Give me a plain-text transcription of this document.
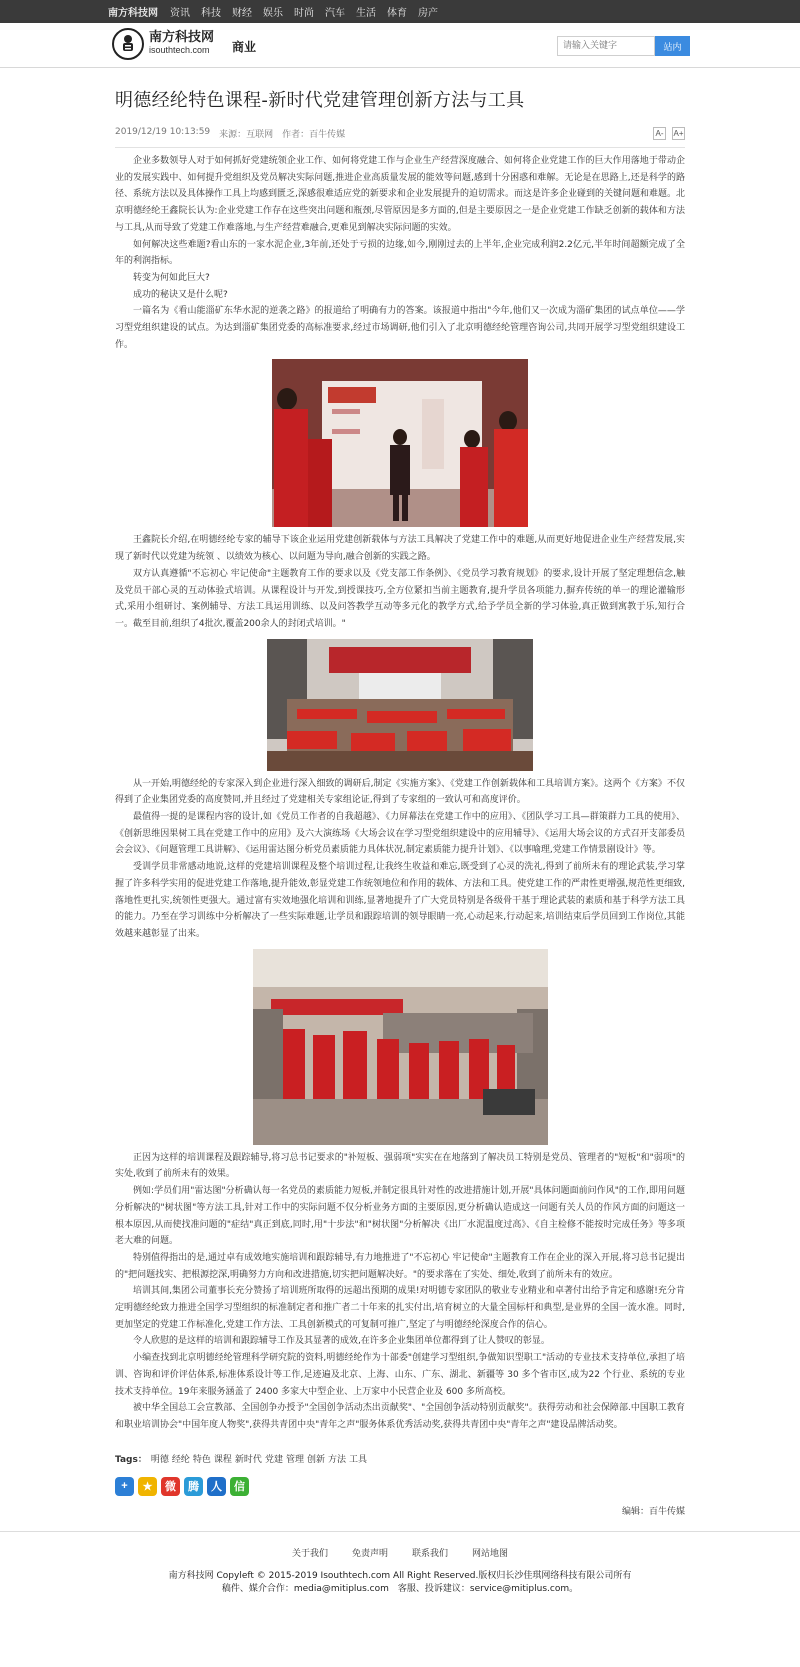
南方科技网 资讯 科技 财经 娱乐 时尚 汽车 生活 体育 房产
南方科技网
isouthtech.com	商业
请输入关键字	站内
明德经纶特色课程-新时代党建管理创新方法与工具
2019/12/19 10:13:59 来源：互联网 作者：百牛传媒	A-	A+

企业多数领导人对于如何抓好党建统领企业工作、如何将党建工作与企业生产经营深度融合、如何将企业党建工作的巨大作用落地于带动企业的发展实践中、如何提升党组织及党员解决实际问题,推进企业高质量发展的能效等问题,感到十分困惑和难解。无论是在思路上,还是科学的路径、系统方法以及具体操作工具上均感到匮乏,深感很难适应党的新要求和企业发展提升的迫切需求。而这是许多企业碰到的关键问题和难题。北京明德经纶王鑫院长认为:企业党建工作存在这些突出问题和瓶颈,尽管原因是多方面的,但是主要原因之一是企业党建工作缺乏创新的载体和方法与工具,从而导致了党建工作难落地,与生产经营难融合,更难见到解决实际问题的实效。

如何解决这些难题?看山东的一家水泥企业,3年前,还处于亏损的边缘,如今,刚刚过去的上半年,企业完成利润2.2亿元,半年时间超额完成了全年的利润指标。

转变为何如此巨大?

成功的秘诀又是什么呢?

一篇名为《看山能淄矿东华水泥的逆袭之路》的报道给了明确有力的答案。该报道中指出"今年,他们又一次成为淄矿集团的试点单位——学习型党组织建设的试点。为达到淄矿集团党委的高标准要求,经过市场调研,他们引入了北京明德经纶管理咨询公司,共同开展学习型党组织建设工作。

王鑫院长介绍,在明德经纶专家的辅导下该企业运用党建创新载体与方法工具解决了党建工作中的难题,从而更好地促进企业生产经营发展,实现了新时代以党建为统领 、以绩效为核心、以问题为导向,融合创新的实践之路。

双方认真遵循"不忘初心 牢记使命"主题教育工作的要求以及《党支部工作条例》、《党员学习教育规划》的要求,设计开展了坚定理想信念,触及党员干部心灵的互动体验式培训。从课程设计与开发,到授课技巧,全方位紧扣当前主题教育,提升学员各项能力,摒弃传统的单一的理论灌输形式,采用小组研讨、案例辅导、方法工具运用训练、以及问答教学互动等多元化的教学方式,给予学员全新的学习体验,真正做到寓教于乐,知行合一。截至目前,组织了4批次,覆盖200余人的封闭式培训。"

从一开始,明德经纶的专家深入到企业进行深入细致的调研后,制定《实施方案》、《党建工作创新载体和工具培训方案》。这两个《方案》不仅得到了企业集团党委的高度赞同,并且经过了党建相关专家组论证,得到了专家组的一致认可和高度评价。

最值得一提的是课程内容的设计,如《党员工作者的自我超越》、《力屏幕法在党建工作中的应用》、《团队学习工具—群策群力工具的使用》、《创新思维因果树工具在党建工作中的应用》及六大演练场《大场会议在学习型党组织建设中的应用辅导》、《运用大场会议的方式召开支部委员会会议》、《问题管理工具讲解》、《运用雷达图分析党员素质能力具体状况,制定素质能力提升计划》、《以事喻理,党建工作情景剧设计》等。

受训学员非常感动地说,这样的党建培训课程及整个培训过程,让我终生收益和难忘,既受到了心灵的洗礼,得到了前所未有的理论武装,学习掌握了许多科学实用的促进党建工作落地,提升能效,彰显党建工作统领地位和作用的载体、方法和工具。使党建工作的严肃性更增强,规范性更细致,落地性更扎实,统领性更强大。通过富有实效地强化培训和训练,显著地提升了广大党员特别是各级骨干基于理论武装的素质和基于科学方法工具的能力。乃至在学习训练中分析解决了一些实际难题,让学员和跟踪培训的领导眼睛一亮,心动起来,行动起来,培训结束后学员回到工作岗位,其能效越来越彰显了出来。

正因为这样的培训课程及跟踪辅导,将习总书记要求的"补短板、强弱项"实实在在地落到了解决员工特别是党员、管理者的"短板"和"弱项"的实处,收到了前所未有的效果。

例如:学员们用"雷达图"分析确认每一名党员的素质能力短板,并制定很具针对性的改进措施计划,开展"具体问题面前问作风"的工作,即用问题分析解决的"树状图"等方法工具,针对工作中的实际问题不仅分析业务方面的主要原因,更分析确认造成这一问题有关人员的作风方面的问题这一根本原因,从而使找准问题的"症结"真正到底,同时,用"十步法"和"树状图"分析解决《出厂水泥温度过高》、《自主检修不能按时完成任务》等多项老大难的问题。

特别值得指出的是,通过卓有成效地实施培训和跟踪辅导,有力地推进了"不忘初心 牢记使命"主题教育工作在企业的深入开展,将习总书记提出的"把问题找实、把根源挖深,明确努力方向和改进措施,切实把问题解决好。"的要求落在了实处、细处,收到了前所未有的效应。

培训其间,集团公司董事长充分赞扬了培训班所取得的远超出预期的成果!对明德专家团队的敬业专业精业和卓著付出给予肯定和感谢!充分肯定明德经纶致力推进全国学习型组织的标准制定者和推广者二十年来的扎实付出,培育树立的大量全国标杆和典型,是业界的全国一流水准。同时,更加坚定的党建工作标准化,党建工作方法、工具创新模式的可复制可推广,坚定了与明德经纶深度合作的信心。

令人欣慰的是这样的培训和跟踪辅导工作及其显著的成效,在许多企业集团单位都得到了让人赞叹的彰显。

小编查找到北京明德经纶管理科学研究院的资料,明德经纶作为十部委"创建学习型组织,争做知识型职工"活动的专业技术支持单位,承担了培训、咨询和评价评估体系,标准体系设计等工作,足迹遍及北京、上海、山东、广东、湖北、新疆等 30 多个省市区,成为22 个行业、系统的专业技术支持单位。19年来服务涵盖了 2400 多家大中型企业、上万家中小民营企业及 600 多所高校。

被中华全国总工会宣教部、全国创争办授予"全国创争活动杰出贡献奖"、"全国创争活动特别贡献奖"。获得劳动和社会保障部.中国职工教育和职业培训协会"中国年度人物奖",获得共青团中央"青年之声"服务体系优秀活动奖,获得共青团中央"青年之声"建设品牌活动奖。

Tags： 明德 经纶 特色 课程 新时代 党建 管理 创新 方法 工具
+	★	微	腾	人	信
编辑：百牛传媒
关于我们	免责声明	联系我们	网站地图
南方科技网 Copyleft © 2015-2019 Isouthtech.com All Right Reserved.版权归长沙佳琪网络科技有限公司所有
稿件、媒介合作：media@mitiplus.com　客服、投诉建议：service@mitiplus.com。
